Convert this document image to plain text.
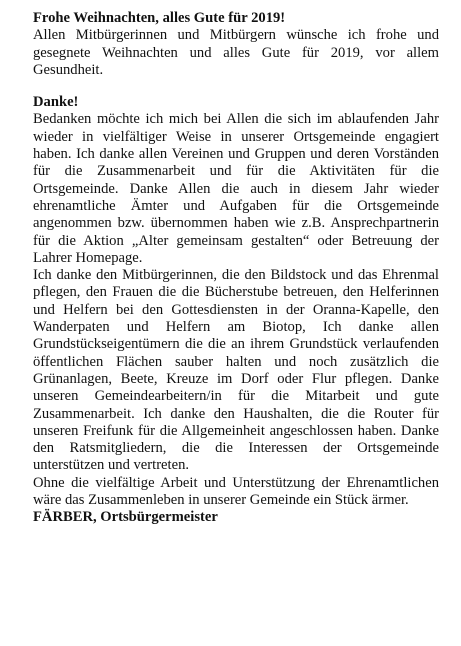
Frohe Weihnachten, alles Gute für 2019!

Allen Mitbürgerinnen und Mitbürgern wünsche ich frohe und gesegnete Weihnachten und alles Gute für 2019, vor allem Gesundheit.

Danke!

Bedanken möchte ich mich bei Allen die sich im ablaufenden Jahr wieder in vielfältiger Weise in unserer Ortsgemeinde engagiert haben. Ich danke allen Vereinen und Gruppen und deren Vorständen für die Zusammenarbeit und für die Aktivitäten für die Ortsgemeinde. Danke Allen die auch in diesem Jahr wieder ehrenamtliche Ämter und Aufgaben für die Ortsgemeinde angenommen bzw. übernommen haben wie z.B. Ansprechpartnerin für die Aktion „Alter gemeinsam gestalten“ oder Betreuung der Lahrer Homepage.

Ich danke den Mitbürgerinnen, die den Bildstock und das Ehrenmal pflegen, den Frauen die die Bücherstube betreuen, den Helferinnen und Helfern bei den Gottesdiensten in der Oranna-Kapelle, den Wanderpaten und Helfern am Biotop, Ich danke allen Grundstückseigentümern die die an ihrem Grundstück verlaufenden öffentlichen Flächen sauber halten und noch zusätzlich die Grünanlagen, Beete, Kreuze im Dorf oder Flur pflegen. Danke unseren Gemeindearbeitern/in für die Mitarbeit und gute Zusammenarbeit. Ich danke den Haushalten, die die Router für unseren Freifunk für die Allgemeinheit angeschlossen haben. Danke den Ratsmitgliedern, die die Interessen der Ortsgemeinde unterstützen und vertreten.

Ohne die vielfältige Arbeit und Unterstützung der Ehrenamtlichen wäre das Zusammenleben in unserer Gemeinde ein Stück ärmer.

FÄRBER, Ortsbürgermeister
